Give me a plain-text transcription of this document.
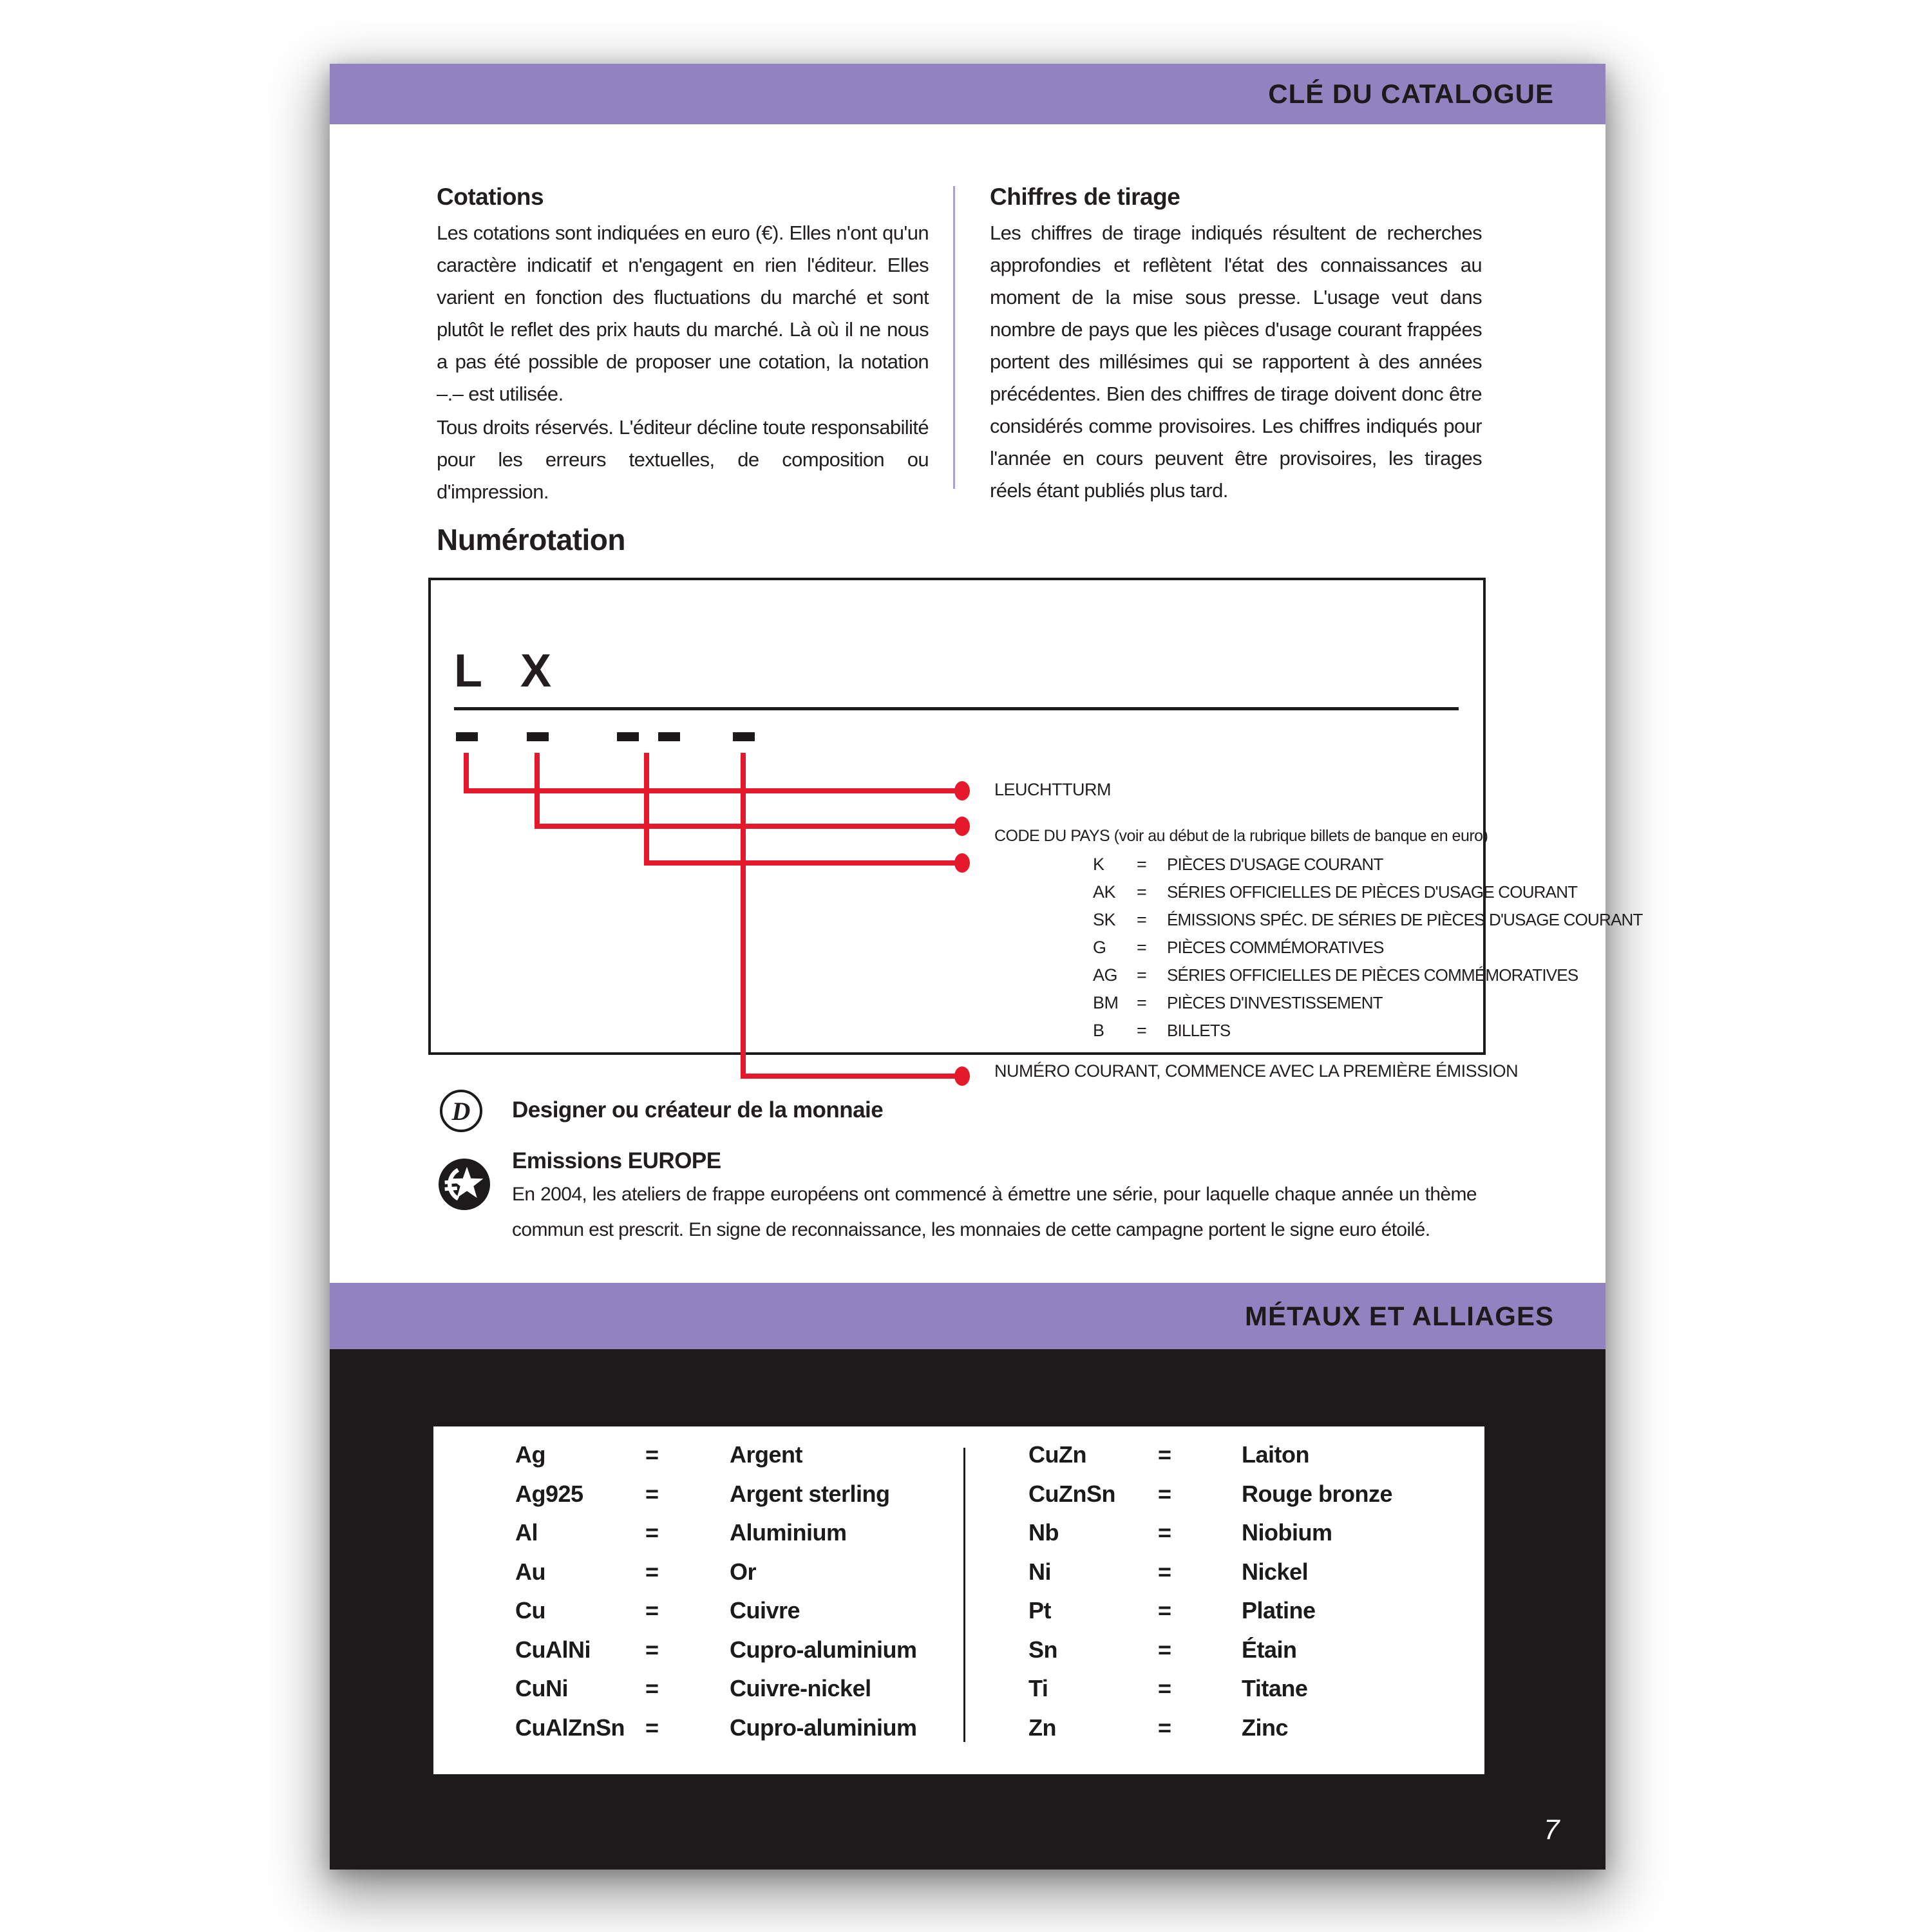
CLÉ DU CATALOGUE
Cotations
Les cotations sont indiquées en euro (€). Elles n'ont qu'un caractère indicatif et n'engagent en rien l'éditeur. Elles varient en fonction des fluctuations du marché et sont plutôt le reflet des prix hauts du marché. Là où il ne nous a pas été possible de proposer une cotation, la notation –.– est utilisée.
Tous droits réservés. L'éditeur décline toute responsabilité pour les erreurs textuelles, de composition ou d'impression.
Chiffres de tirage
Les chiffres de tirage indiqués résultent de recherches approfondies et reflètent l'état des connaissances au moment de la mise sous presse. L'usage veut dans nombre de pays que les pièces d'usage courant frappées portent des millésimes qui se rapportent à des années précédentes. Bien des chiffres de tirage doivent donc être considérés comme provisoires. Les chiffres indiqués pour l'année en cours peuvent être provisoires, les tirages réels étant publiés plus tard.
Numérotation
L X
LEUCHTTURM
CODE DU PAYS (voir au début de la rubrique billets de banque en euro)
K = PIÈCES D'USAGE COURANT
AK = SÉRIES OFFICIELLES DE PIÈCES D'USAGE COURANT
SK = ÉMISSIONS SPÉC. DE SÉRIES DE PIÈCES D'USAGE COURANT
G = PIÈCES COMMÉMORATIVES
AG = SÉRIES OFFICIELLES DE PIÈCES COMMÉMORATIVES
BM = PIÈCES D'INVESTISSEMENT
B = BILLETS
NUMÉRO COURANT, COMMENCE AVEC LA PREMIÈRE ÉMISSION
D Designer ou créateur de la monnaie
Emissions EUROPE
En 2004, les ateliers de frappe européens ont commencé à émettre une série, pour laquelle chaque année un thème commun est prescrit. En signe de reconnaissance, les monnaies de cette campagne portent le signe euro étoilé.
MÉTAUX ET ALLIAGES
Ag	=	Argent
Ag925	=	Argent sterling
Al	=	Aluminium
Au	=	Or
Cu	=	Cuivre
CuAlNi =	Cupro-aluminium
CuNi	=	Cuivre-nickel
CuAlZnSn =	Cupro-aluminium
CuZn	=	Laiton
CuZnSn =	Rouge bronze
Nb	=	Niobium
Ni	=	Nickel
Pt	=	Platine
Sn	=	Étain
Ti	=	Titane
Zn	=	Zinc
7
